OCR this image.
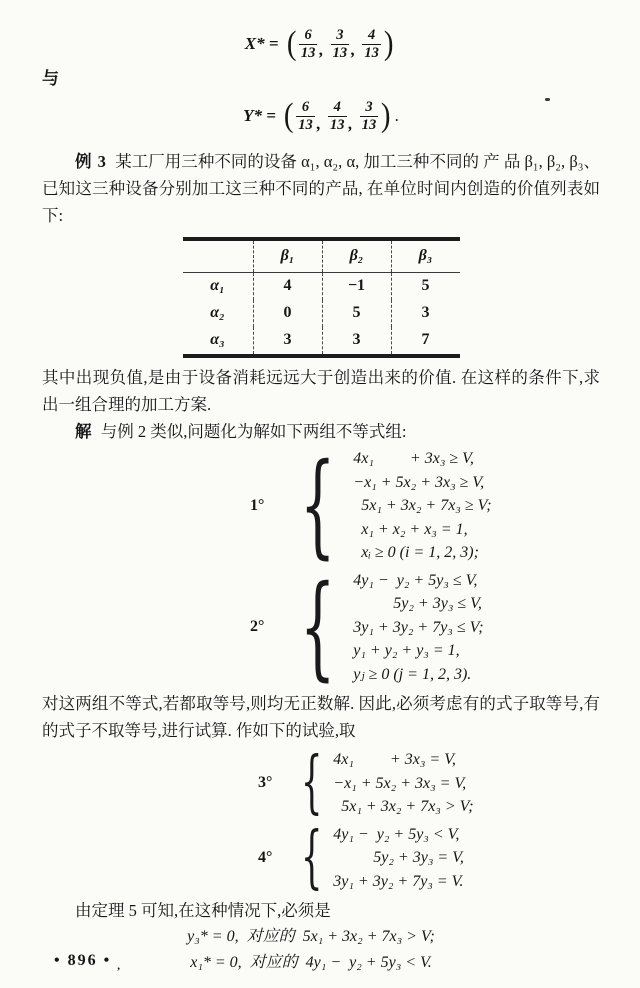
X* = ( $\frac{6}{13}$ , $\frac{3}{13}$ , $\frac{4}{13}$ )
与
Y* = ( $\frac{6}{13}$ , $\frac{4}{13}$ , $\frac{3}{13}$ ) .

例 3 某工厂用三种不同的设备 α₁, α₂, α, 加工三种不同的 产 品 β₁, β₂, β₃、 已知这三种设备分别加工这三种不同的产品, 在单位时间内创造的价值列表如下:

	β₁	β₂	β₃
α₁	4	−1	5
α₂	0	5	3
α₃	3	3	7

其中出现负值,是由于设备消耗远远大于创造出来的价值. 在这样的条件下,求出一组合理的加工方案.

解 与例 2 类似,问题化为解如下两组不等式组:

1°
{
4x₁         + 3x₃ ≥ V,
−x₁ + 5x₂ + 3x₃ ≥ V,
5x₁ + 3x₂ + 7x₃ ≥ V;
x₁ + x₂ + x₃ = 1,
xᵢ ≥ 0 (i = 1, 2, 3);
2°
{
4y₁ −  y₂ + 5y₃ ≤ V,
5y₂ + 3y₃ ≤ V,
3y₁ + 3y₂ + 7y₃ ≤ V;
y₁ + y₂ + y₃ = 1,
yⱼ ≥ 0 (j = 1, 2, 3).

对这两组不等式,若都取等号,则均无正数解. 因此,必须考虑有的式子取等号,有的式子不取等号,进行试算. 作如下的试验,取

3°
{
4x₁         + 3x₃ = V,
−x₁ + 5x₂ + 3x₃ = V,
5x₁ + 3x₂ + 7x₃ > V;
4°
{
4y₁ −  y₂ + 5y₃ < V,
5y₂ + 3y₃ = V,
3y₁ + 3y₂ + 7y₃ = V.

由定理 5 可知,在这种情况下,必须是

y₃* = 0,  对应的  5x₁ + 3x₂ + 7x₃ > V;
x₁* = 0,  对应的  4y₁ −  y₂ + 5y₃ < V.
• 896 • $_,$
